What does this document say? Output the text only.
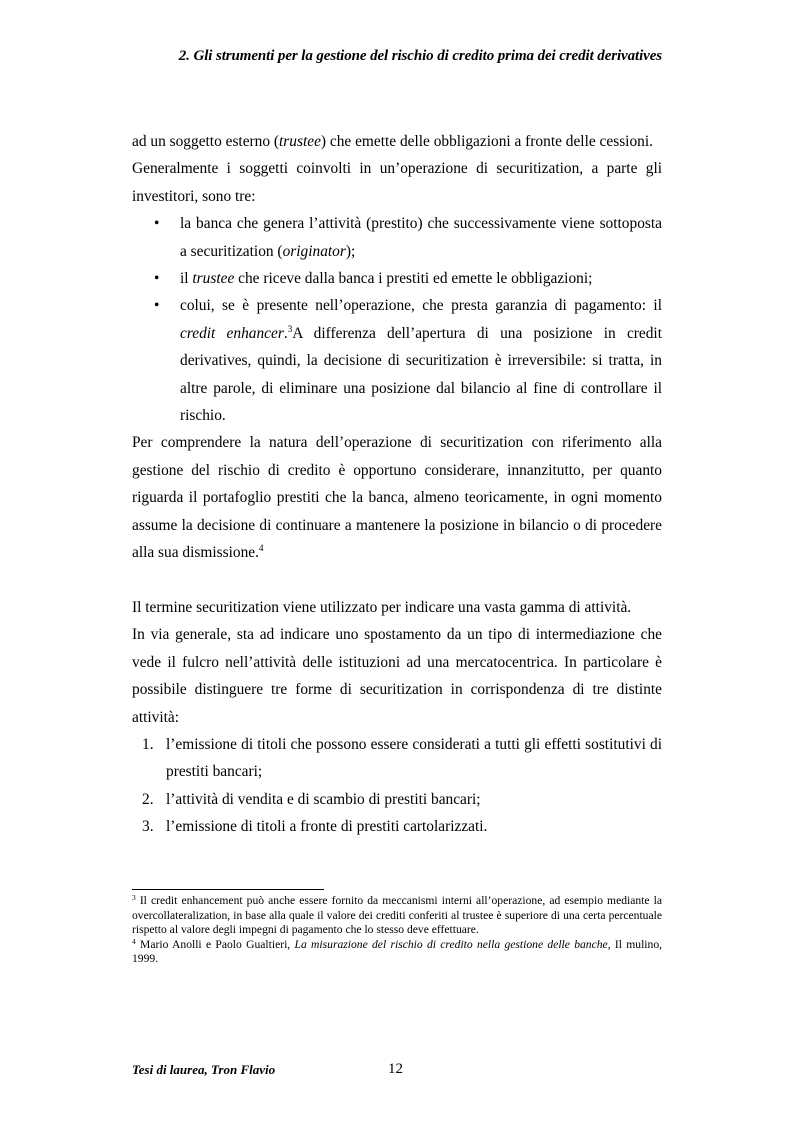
2. Gli strumenti per la gestione del rischio di credito prima dei credit derivatives

ad un soggetto esterno (trustee) che emette delle obbligazioni a fronte delle cessioni.

Generalmente i soggetti coinvolti in un’operazione di securitization, a parte gli investitori, sono tre:

• la banca che genera l’attività (prestito) che successivamente viene sottoposta a securitization (originator);
• il trustee che riceve dalla banca i prestiti ed emette le obbligazioni;
• colui, se è presente nell’operazione, che presta garanzia di pagamento: il credit enhancer.$^3$A differenza dell’apertura di una posizione in credit derivatives, quindi, la decisione di securitization è irreversibile: si tratta, in altre parole, di eliminare una posizione dal bilancio al fine di controllare il rischio.

Per comprendere la natura dell’operazione di securitization con riferimento alla gestione del rischio di credito è opportuno considerare, innanzitutto, per quanto riguarda il portafoglio prestiti che la banca, almeno teoricamente, in ogni momento assume la decisione di continuare a mantenere la posizione in bilancio o di procedere alla sua dismissione.$^4$

Il termine securitization viene utilizzato per indicare una vasta gamma di attività.

In via generale, sta ad indicare uno spostamento da un tipo di intermediazione che vede il fulcro nell’attività delle istituzioni ad una mercatocentrica. In particolare è possibile distinguere tre forme di securitization in corrispondenza di tre distinte attività:

1. l’emissione di titoli che possono essere considerati a tutti gli effetti sostitutivi di prestiti bancari;
2. l’attività di vendita e di scambio di prestiti bancari;
3. l’emissione di titoli a fronte di prestiti cartolarizzati.

$^3$ Il credit enhancement può anche essere fornito da meccanismi interni all’operazione, ad esempio mediante la overcollateralization, in base alla quale il valore dei crediti conferiti al trustee è superiore di una certa percentuale rispetto al valore degli impegni di pagamento che lo stesso deve effettuare.

$^4$ Mario Anolli e Paolo Gualtieri, La misurazione del rischio di credito nella gestione delle banche, Il mulino, 1999.

Tesi di laurea, Tron Flavio	12
